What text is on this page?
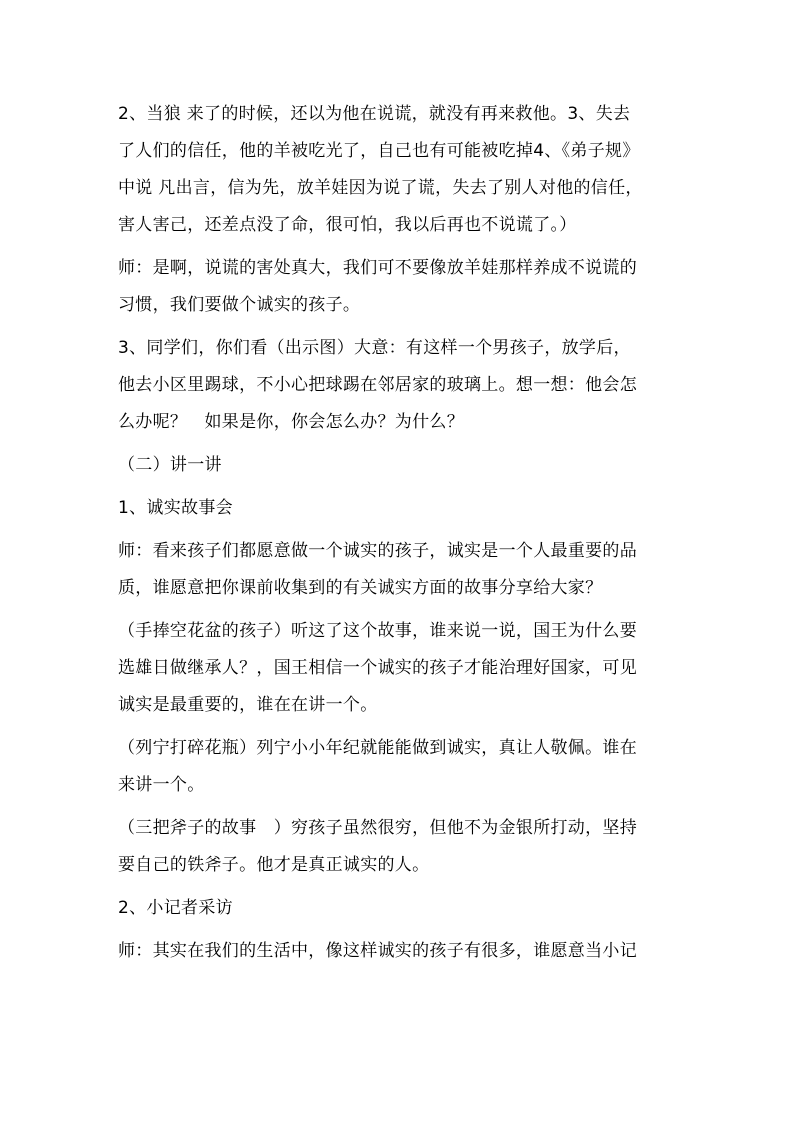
2、当狼 来了的时候，还以为他在说谎，就没有再来救他。3、失去

了人们的信任，他的羊被吃光了，自己也有可能被吃掉4、《弟子规》

中说 凡出言，信为先，放羊娃因为说了谎，失去了别人对他的信任，

害人害己，还差点没了命，很可怕，我以后再也不说谎了。）

师：是啊，说谎的害处真大，我们可不要像放羊娃那样养成不说谎的

习惯，我们要做个诚实的孩子。

3、同学们，你们看（出示图）大意：有这样一个男孩子，放学后，

他去小区里踢球，不小心把球踢在邻居家的玻璃上。想一想：他会怎

么办呢？　如果是你，你会怎么办？为什么？

（二）讲一讲

1、诚实故事会

师：看来孩子们都愿意做一个诚实的孩子，诚实是一个人最重要的品

质，谁愿意把你课前收集到的有关诚实方面的故事分享给大家？

（手捧空花盆的孩子）听这了这个故事，谁来说一说，国王为什么要

选雄日做继承人？，国王相信一个诚实的孩子才能治理好国家，可见

诚实是最重要的，谁在在讲一个。

（列宁打碎花瓶）列宁小小年纪就能能做到诚实，真让人敬佩。谁在

来讲一个。

（三把斧子的故事　）穷孩子虽然很穷，但他不为金银所打动，坚持

要自己的铁斧子。他才是真正诚实的人。

2、小记者采访

师：其实在我们的生活中，像这样诚实的孩子有很多，谁愿意当小记
